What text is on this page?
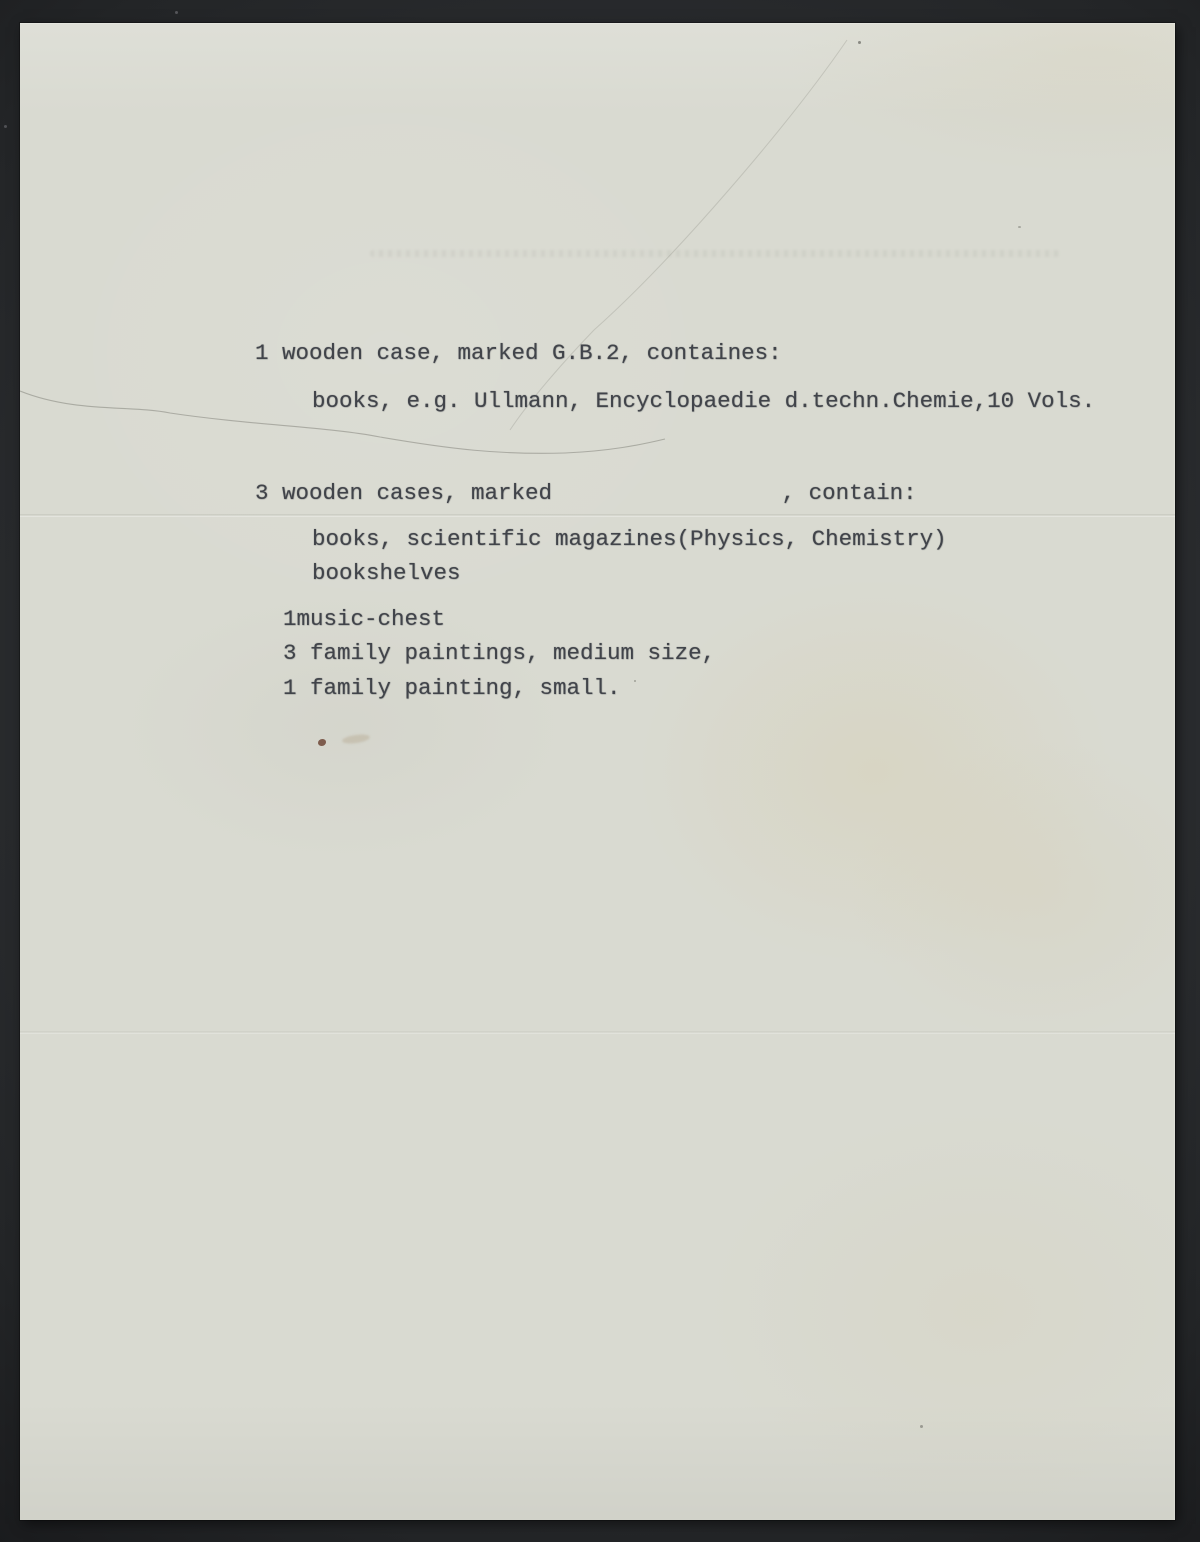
1 wooden case, marked G.B.2, containes:
books, e.g. Ullmann, Encyclopaedie d.techn.Chemie,10 Vols.
3 wooden cases, marked                 , contain:
books, scientific magazines(Physics, Chemistry)
bookshelves
1music-chest
3 family paintings, medium size,
1 family painting, small.
